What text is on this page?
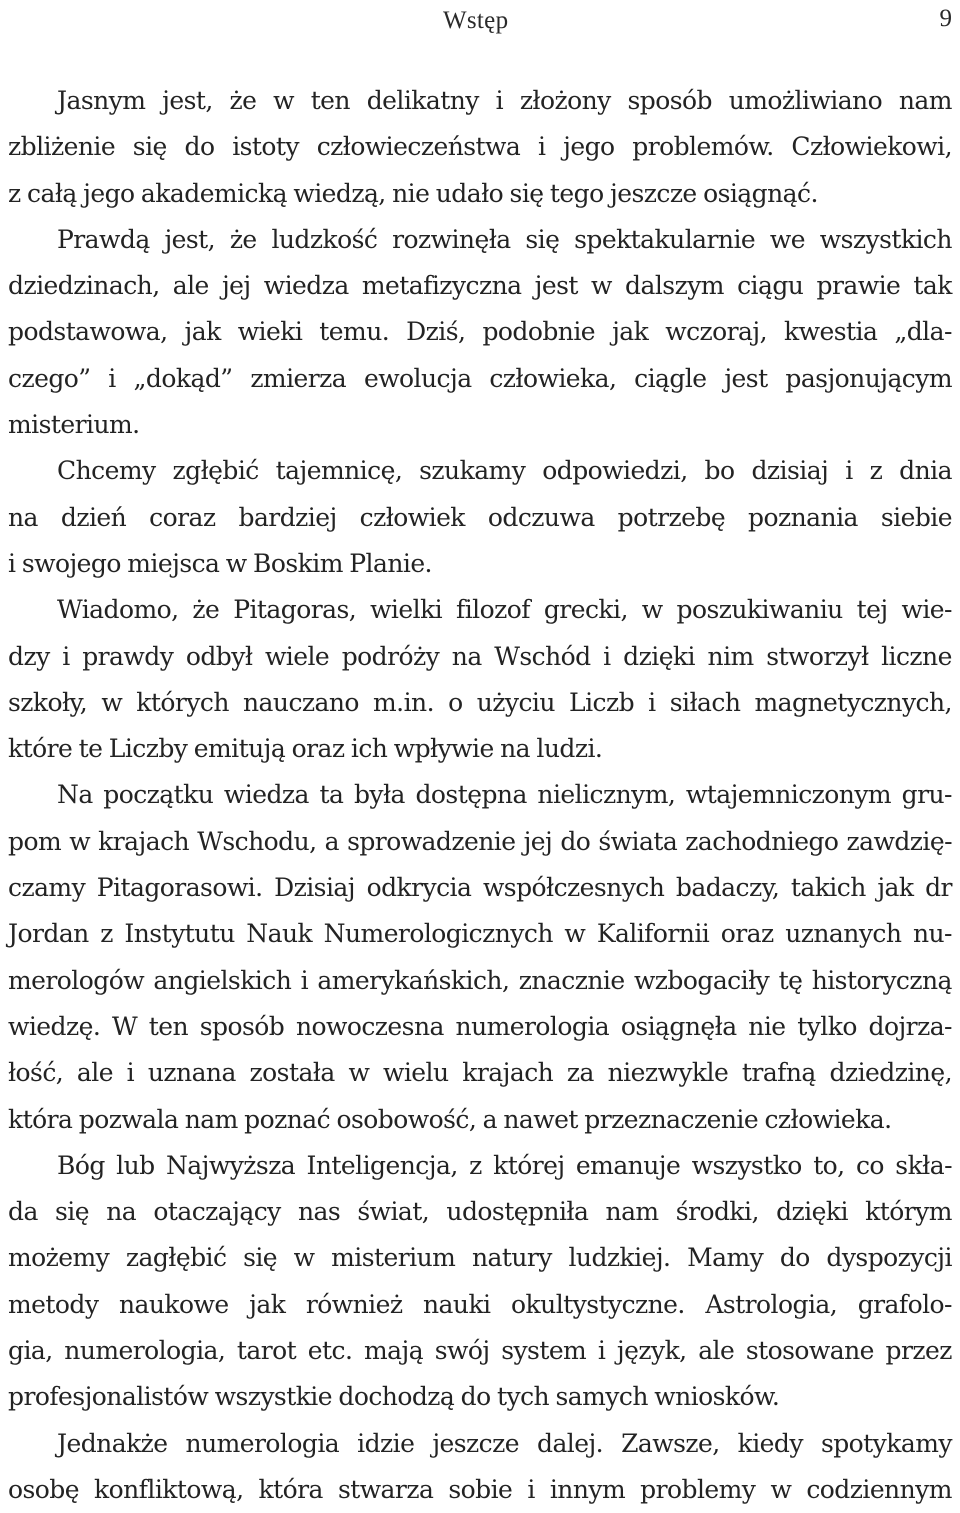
Wstęp	9
Jasnym jest, że w ten delikatny i złożony sposób umożliwiano nam
zbliżenie się do istoty człowieczeństwa i jego problemów. Człowiekowi,
z całą jego akademicką wiedzą, nie udało się tego jeszcze osiągnąć.
Prawdą jest, że ludzkość rozwinęła się spektakularnie we wszystkich
dziedzinach, ale jej wiedza metafizyczna jest w dalszym ciągu prawie tak
podstawowa, jak wieki temu. Dziś, podobnie jak wczoraj, kwestia „dla-
czego” i „dokąd” zmierza ewolucja człowieka, ciągle jest pasjonującym
misterium.
Chcemy zgłębić tajemnicę, szukamy odpowiedzi, bo dzisiaj i z dnia
na dzień coraz bardziej człowiek odczuwa potrzebę poznania siebie
i swojego miejsca w Boskim Planie.
Wiadomo, że Pitagoras, wielki filozof grecki, w poszukiwaniu tej wie-
dzy i prawdy odbył wiele podróży na Wschód i dzięki nim stworzył liczne
szkoły, w których nauczano m.in. o użyciu Liczb i siłach magnetycznych,
które te Liczby emitują oraz ich wpływie na ludzi.
Na początku wiedza ta była dostępna nielicznym, wtajemniczonym gru-
pom w krajach Wschodu, a sprowadzenie jej do świata zachodniego zawdzię-
czamy Pitagorasowi. Dzisiaj odkrycia współczesnych badaczy, takich jak dr
Jordan z Instytutu Nauk Numerologicznych w Kalifornii oraz uznanych nu-
merologów angielskich i amerykańskich, znacznie wzbogaciły tę historyczną
wiedzę. W ten sposób nowoczesna numerologia osiągnęła nie tylko dojrza-
łość, ale i uznana została w wielu krajach za niezwykle trafną dziedzinę,
która pozwala nam poznać osobowość, a nawet przeznaczenie człowieka.
Bóg lub Najwyższa Inteligencja, z której emanuje wszystko to, co skła-
da się na otaczający nas świat, udostępniła nam środki, dzięki którym
możemy zagłębić się w misterium natury ludzkiej. Mamy do dyspozycji
metody naukowe jak również nauki okultystyczne. Astrologia, grafolo-
gia, numerologia, tarot etc. mają swój system i język, ale stosowane przez
profesjonalistów wszystkie dochodzą do tych samych wniosków.
Jednakże numerologia idzie jeszcze dalej. Zawsze, kiedy spotykamy
osobę konfliktową, która stwarza sobie i innym problemy w codziennym
